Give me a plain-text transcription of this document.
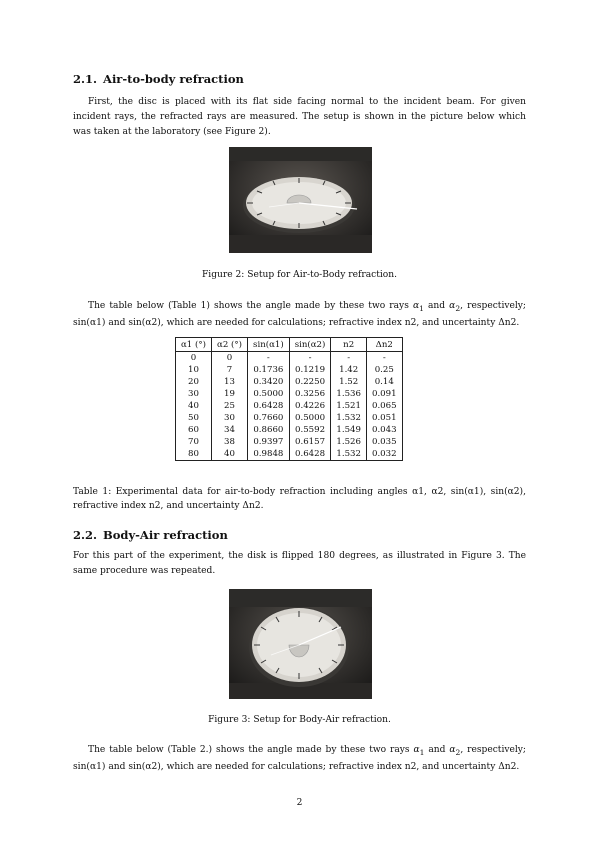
2.1. Air-to-body refraction
First, the disc is placed with its flat side facing normal to the incident beam. For given incident rays, the refracted rays are measured. The setup is shown in the picture below which was taken at the laboratory (see Figure 2).
Figure 2: Setup for Air-to-Body refraction.
The table below (Table 1) shows the angle made by these two rays $\alpha_1$ and $\alpha_2$, respectively; sin(α1) and sin(α2), which are needed for calculations; refractive index n2, and uncertainty Δn2.
α1 (°)	α2 (°)	sin(α1)	sin(α2)	n2	Δn2
0	0	-	-	-	-
10	7	0.1736	0.1219	1.42	0.25
20	13	0.3420	0.2250	1.52	0.14
30	19	0.5000	0.3256	1.536	0.091
40	25	0.6428	0.4226	1.521	0.065
50	30	0.7660	0.5000	1.532	0.051
60	34	0.8660	0.5592	1.549	0.043
70	38	0.9397	0.6157	1.526	0.035
80	40	0.9848	0.6428	1.532	0.032
Table 1: Experimental data for air-to-body refraction including angles α1, α2, sin(α1), sin(α2), refractive index n2, and uncertainty Δn2.
2.2. Body-Air refraction
For this part of the experiment, the disk is flipped 180 degrees, as illustrated in Figure 3. The same procedure was repeated.
Figure 3: Setup for Body-Air refraction.
The table below (Table 2.) shows the angle made by these two rays $\alpha_1$ and $\alpha_2$, respectively; sin(α1) and sin(α2), which are needed for calculations; refractive index n2, and uncertainty Δn2.
2
